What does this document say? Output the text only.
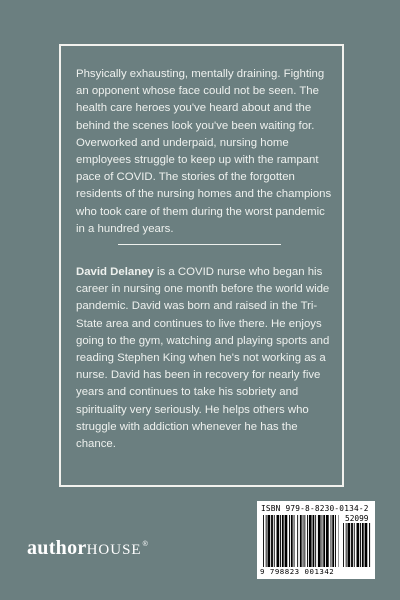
Phsyically exhausting, mentally draining. Fighting an opponent whose face could not be seen. The health care heroes you've heard about and the behind the scenes look you've been waiting for. Overworked and underpaid, nursing home employees struggle to keep up with the rampant pace of COVID. The stories of the forgotten residents of the nursing homes and the champions who took care of them during the worst pandemic in a hundred years.

David Delaney is a COVID nurse who began his career in nursing one month before the world wide pandemic. David was born and raised in the Tri-State area and continues to live there. He enjoys going to the gym, watching and playing sports and reading Stephen King when he's not working as a nurse. David has been in recovery for nearly five years and continues to take his sobriety and spirituality very seriously. He helps others who struggle with addiction whenever he has the chance.

authorHOUSE®
ISBN 979-8-8230-0134-2
52099
9 798823 001342
